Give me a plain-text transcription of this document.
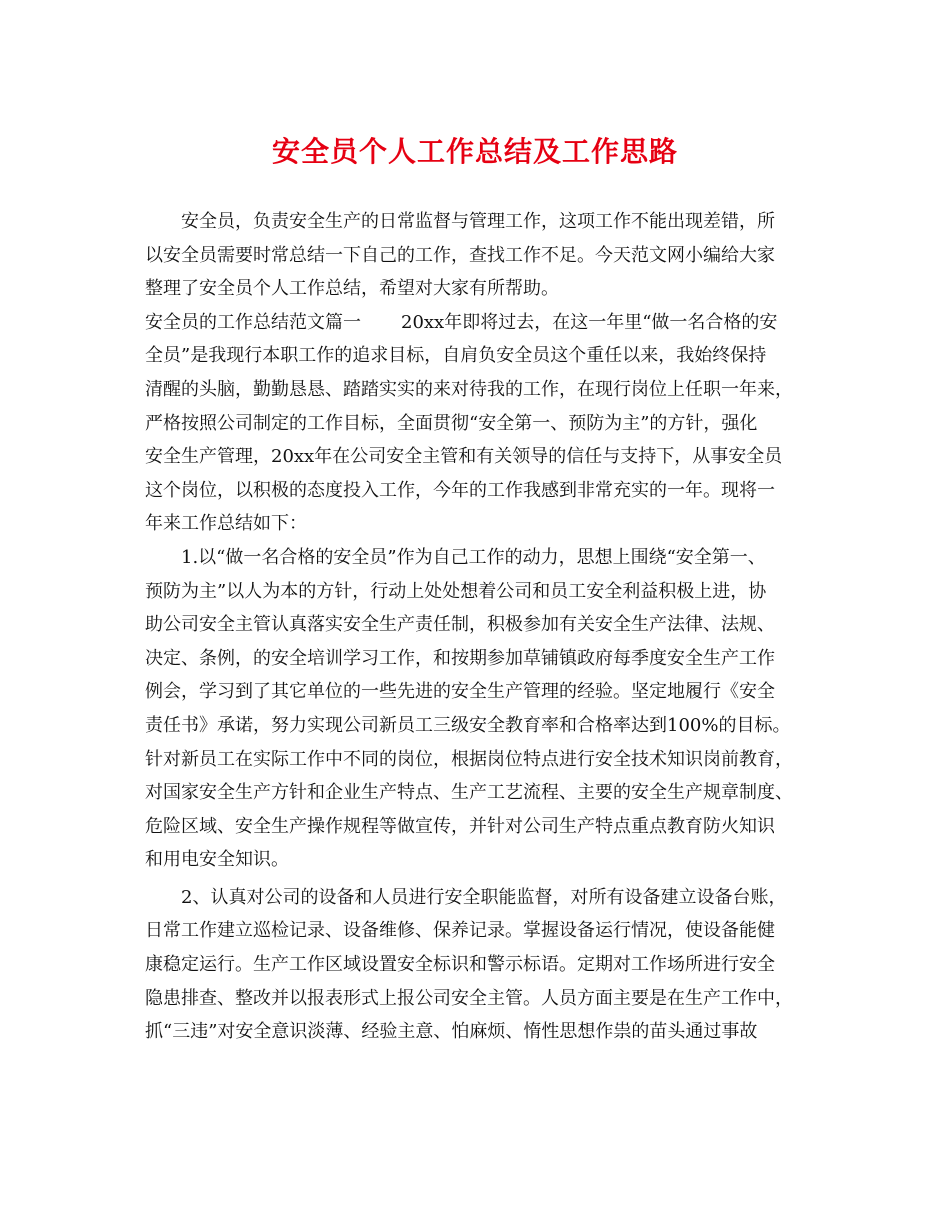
安全员个人工作总结及工作思路
安全员，负责安全生产的日常监督与管理工作，这项工作不能出现差错，所
以安全员需要时常总结一下自己的工作，查找工作不足。今天范文网小编给大家
整理了安全员个人工作总结，希望对大家有所帮助。
安全员的工作总结范文篇一 20xx年即将过去，在这一年里“做一名合格的安
全员”是我现行本职工作的追求目标，自肩负安全员这个重任以来，我始终保持
清醒的头脑，勤勤恳恳、踏踏实实的来对待我的工作，在现行岗位上任职一年来，
严格按照公司制定的工作目标，全面贯彻“安全第一、预防为主”的方针，强化
安全生产管理，20xx年在公司安全主管和有关领导的信任与支持下，从事安全员
这个岗位，以积极的态度投入工作，今年的工作我感到非常充实的一年。现将一
年来工作总结如下：
1.以“做一名合格的安全员”作为自己工作的动力，思想上围绕“安全第一、
预防为主”以人为本的方针，行动上处处想着公司和员工安全利益积极上进，协
助公司安全主管认真落实安全生产责任制，积极参加有关安全生产法律、法规、
决定、条例，的安全培训学习工作，和按期参加草铺镇政府每季度安全生产工作
例会，学习到了其它单位的一些先进的安全生产管理的经验。坚定地履行《安全
责任书》承诺，努力实现公司新员工三级安全教育率和合格率达到100%的目标。
针对新员工在实际工作中不同的岗位，根据岗位特点进行安全技术知识岗前教育，
对国家安全生产方针和企业生产特点、生产工艺流程、主要的安全生产规章制度、
危险区域、安全生产操作规程等做宣传，并针对公司生产特点重点教育防火知识
和用电安全知识。
2、认真对公司的设备和人员进行安全职能监督，对所有设备建立设备台账，
日常工作建立巡检记录、设备维修、保养记录。掌握设备运行情况，使设备能健
康稳定运行。生产工作区域设置安全标识和警示标语。定期对工作场所进行安全
隐患排查、整改并以报表形式上报公司安全主管。人员方面主要是在生产工作中，
抓“三违”对安全意识淡薄、经验主意、怕麻烦、惰性思想作祟的苗头通过事故
